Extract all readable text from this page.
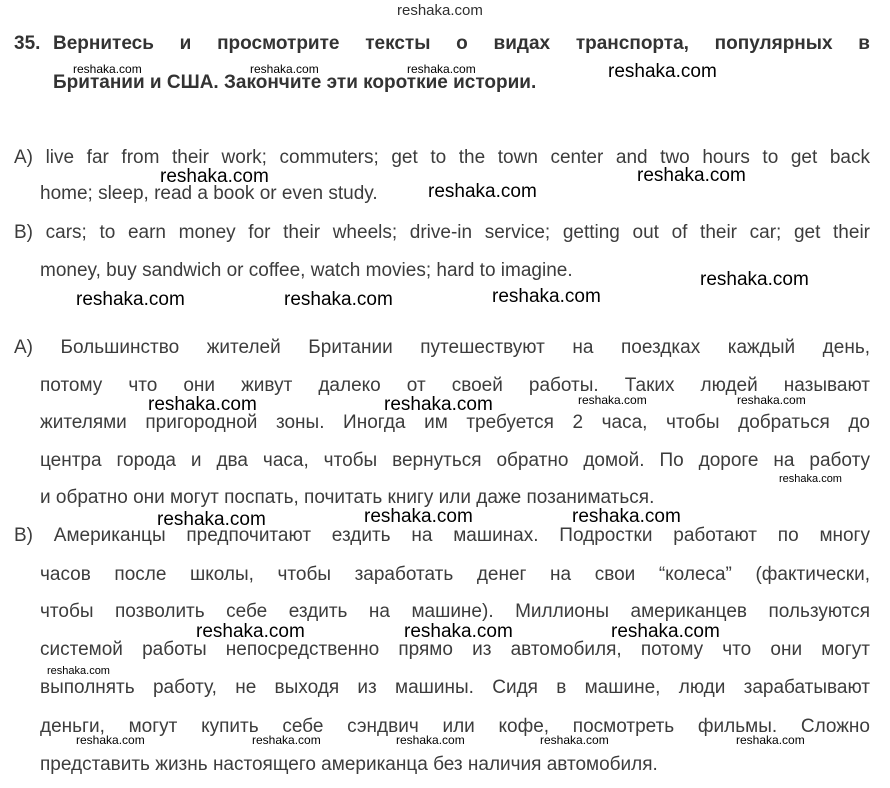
35. Вернитесь и просмотрите тексты о видах транспорта, популярных в
Британии и США. Закончите эти короткие истории.
A) live far from their work; commuters; get to the town center and two hours to get back
home; sleep, read a book or even study.
B) cars; to earn money for their wheels; drive-in service; getting out of their car; get their
money, buy sandwich or coffee, watch movies; hard to imagine.
A) Большинство жителей Британии путешествуют на поездках каждый день,
потому что они живут далеко от своей работы. Таких людей называют
жителями пригородной зоны. Иногда им требуется 2 часа, чтобы добраться до
центра города и два часа, чтобы вернуться обратно домой. По дороге на работу
и обратно они могут поспать, почитать книгу или даже позаниматься.
B) Американцы предпочитают ездить на машинах. Подростки работают по многу
часов после школы, чтобы заработать денег на свои “колеса” (фактически,
чтобы позволить себе ездить на машине). Миллионы американцев пользуются
системой работы непосредственно прямо из автомобиля, потому что они могут
выполнять работу, не выходя из машины. Сидя в машине, люди зарабатывают
деньги, могут купить себе сэндвич или кофе, посмотреть фильмы. Сложно
представить жизнь настоящего американца без наличия автомобиля.
reshaka.com
reshaka.com	reshaka.com	reshaka.com	reshaka.com
reshaka.com	reshaka.com
reshaka.com
reshaka.com
reshaka.com	reshaka.com	reshaka.com
reshaka.com	reshaka.com	reshaka.com	reshaka.com
reshaka.com
reshaka.com	reshaka.com	reshaka.com
reshaka.com	reshaka.com	reshaka.com
reshaka.com
reshaka.com	reshaka.com	reshaka.com	reshaka.com	reshaka.com
